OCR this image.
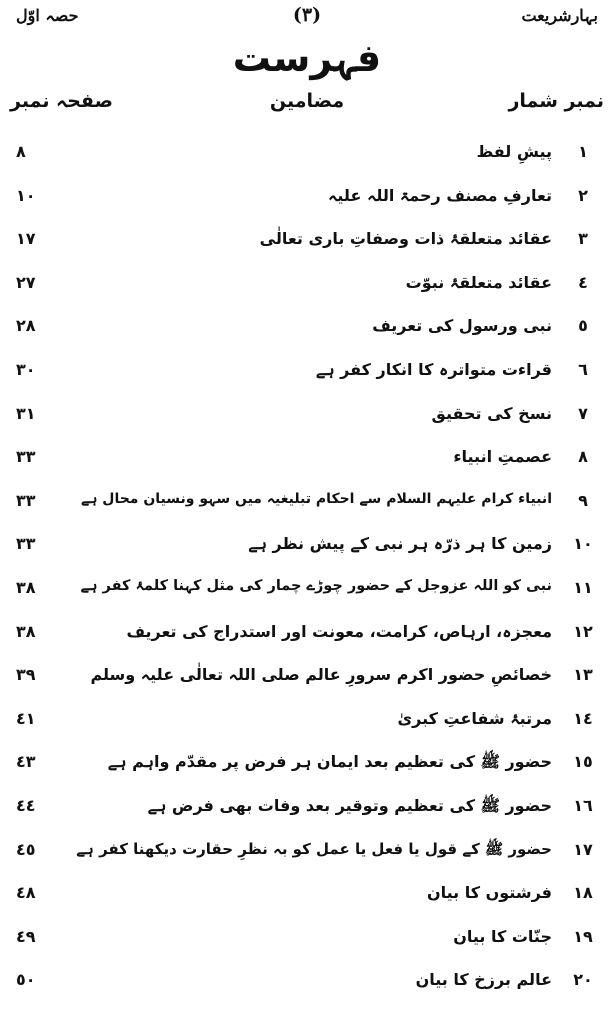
بہارشریعت
(٣)
حصہ اوّل
فہرست
نمبر شمار
مضامین
صفحہ نمبر
١
پیشِ لفظ
٨
٢
تعارفِ مصنف رحمۃ اللہ علیہ
١٠
٣
عقائد متعلقۂ ذات وصفاتِ باری تعالٰی
١٧
٤
عقائد متعلقۂ نبوّت
٢٧
٥
نبی ورسول کی تعریف
٢٨
٦
قراءت متواترہ کا انکار کفر ہے
٣٠
٧
نسخ کی تحقیق
٣١
٨
عصمتِ انبیاء
٣٣
٩
انبیاء کرام علیہم السلام سے احکام تبلیغیہ میں سہو ونسیان محال ہے
٣٣
١٠
زمین کا ہر ذرّہ ہر نبی کے پیش نظر ہے
٣٣
١١
نبی کو اللہ عزوجل کے حضور چوڑے چمار کی مثل کہنا کلمۂ کفر ہے
٣٨
١٢
معجزہ، ارہاص، کرامت، معونت اور استدراج کی تعریف
٣٨
١٣
خصائصِ حضور اکرم سرورِ عالم صلی اللہ تعالٰی علیہ وسلم
٣٩
١٤
مرتبۂ شفاعتِ کبریٰ
٤١
١٥
حضور ﷺ کی تعظیم بعد ایمان ہر فرض پر مقدّم واہم ہے
٤٣
١٦
حضور ﷺ کی تعظیم وتوقیر بعد وفات بھی فرض ہے
٤٤
١٧
حضور ﷺ کے قول یا فعل یا عمل کو بہ نظرِ حقارت دیکھنا کفر ہے
٤٥
١٨
فرشتوں کا بیان
٤٨
١٩
جنّات کا بیان
٤٩
٢٠
عالم برزخ کا بیان
٥٠
